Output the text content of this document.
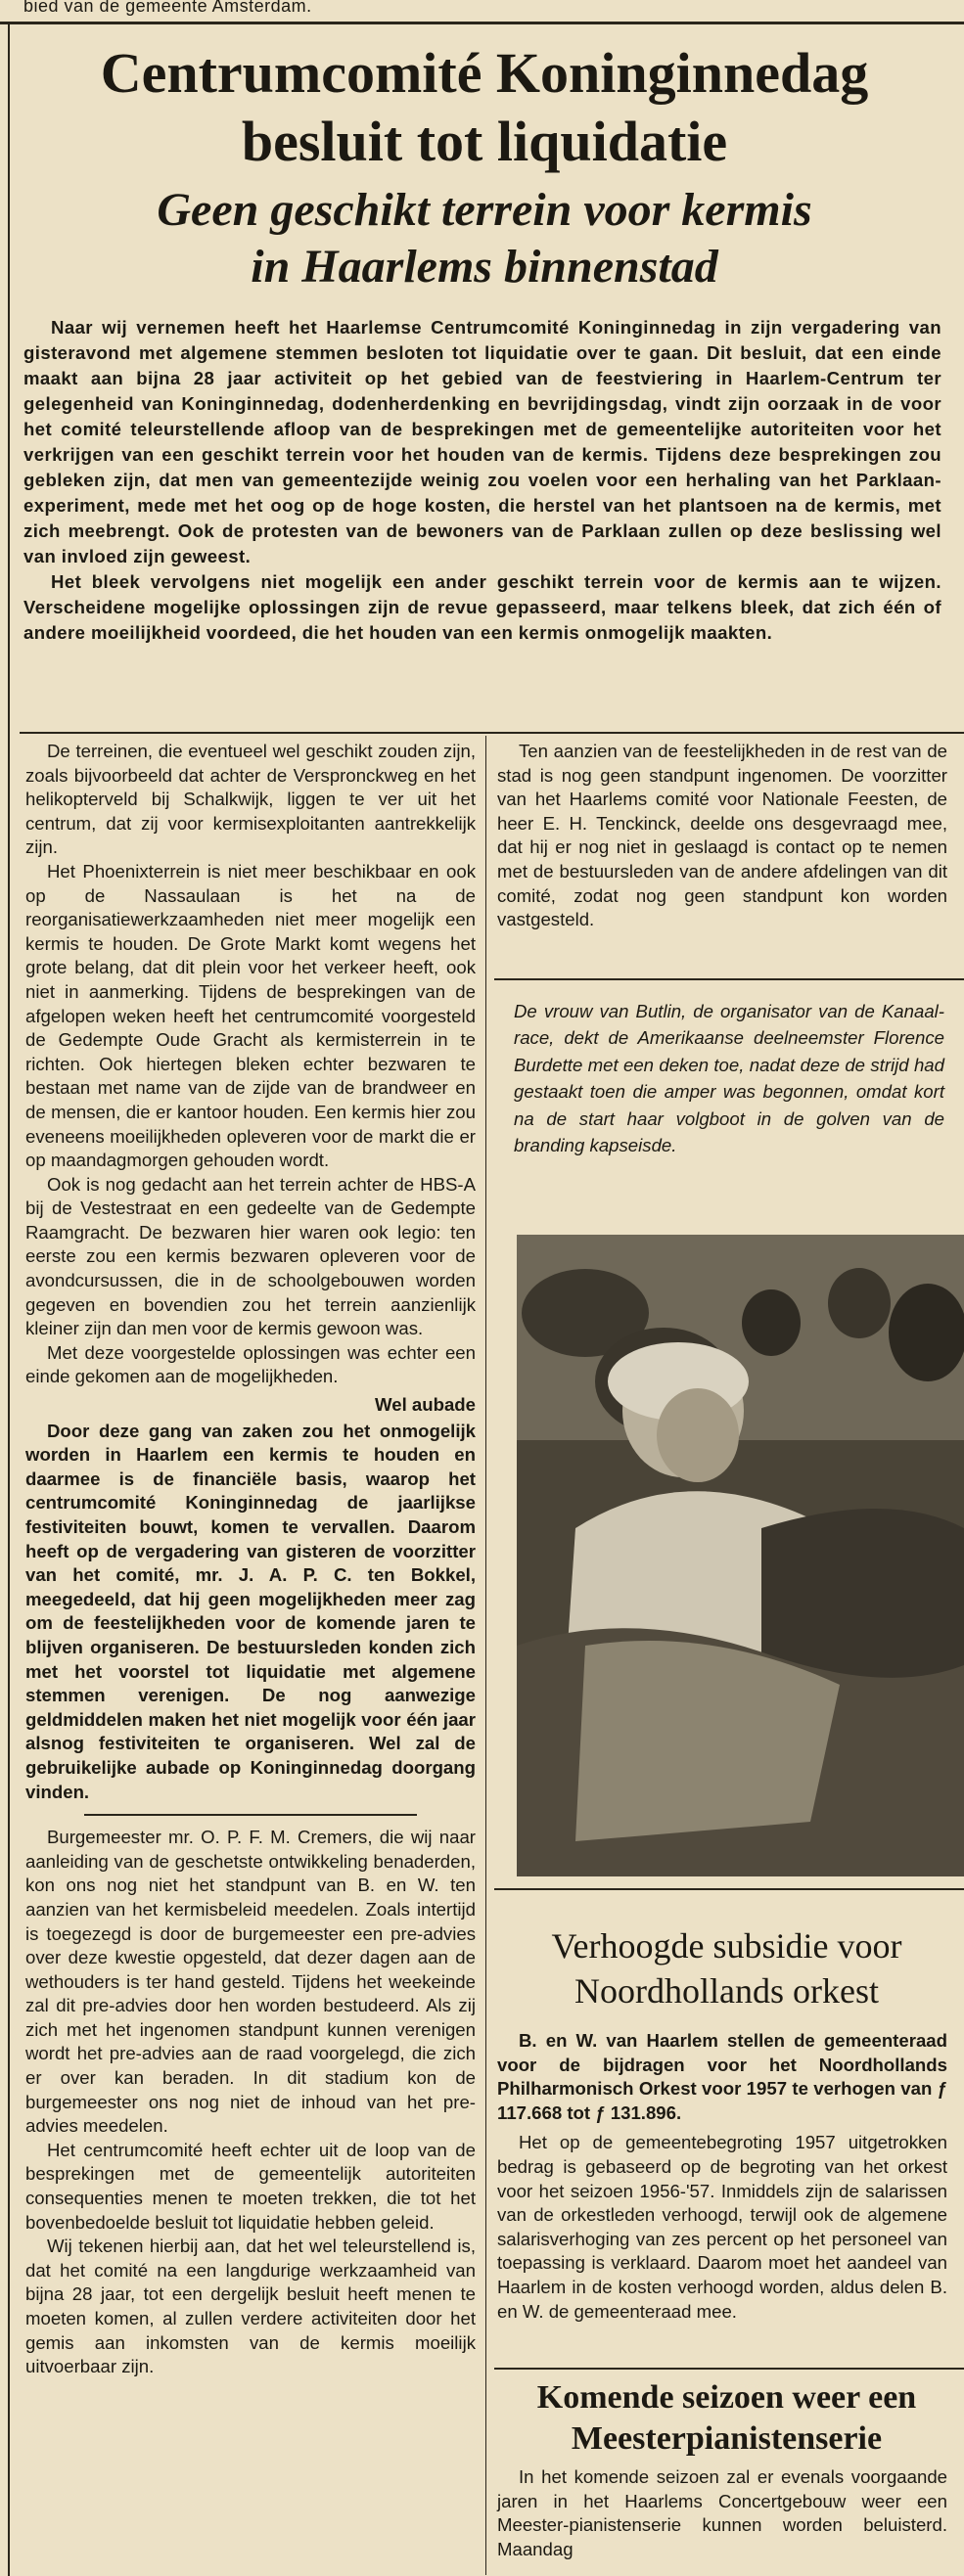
bied van de gemeente Amsterdam.
Centrumcomité Koninginnedag
besluit tot liquidatie
Geen geschikt terrein voor kermis
in Haarlems binnenstad

Naar wij vernemen heeft het Haarlemse Centrumcomité Koninginnedag in zijn vergadering van gisteravond met algemene stemmen besloten tot liquidatie over te gaan. Dit besluit, dat een einde maakt aan bijna 28 jaar activiteit op het gebied van de feestviering in Haarlem-Centrum ter gelegenheid van Koninginnedag, dodenherdenking en bevrijdingsdag, vindt zijn oorzaak in de voor het comité teleurstellende afloop van de besprekingen met de gemeentelijke autoriteiten voor het verkrijgen van een geschikt terrein voor het houden van de kermis. Tijdens deze besprekingen zou gebleken zijn, dat men van gemeentezijde weinig zou voelen voor een herhaling van het Parklaan-experiment, mede met het oog op de hoge kosten, die herstel van het plantsoen na de kermis, met zich meebrengt. Ook de protesten van de bewoners van de Parklaan zullen op deze beslissing wel van invloed zijn geweest.

Het bleek vervolgens niet mogelijk een ander geschikt terrein voor de kermis aan te wijzen. Verscheidene mogelijke oplossingen zijn de revue gepasseerd, maar telkens bleek, dat zich één of andere moeilijkheid voordeed, die het houden van een kermis onmogelijk maakten.

De terreinen, die eventueel wel geschikt zouden zijn, zoals bijvoorbeeld dat achter de Verspronckweg en het helikopterveld bij Schalkwijk, liggen te ver uit het centrum, dat zij voor kermisexploitanten aantrekkelijk zijn.

Het Phoenixterrein is niet meer beschikbaar en ook op de Nassaulaan is het na de reorganisatiewerkzaamheden niet meer mogelijk een kermis te houden. De Grote Markt komt wegens het grote belang, dat dit plein voor het verkeer heeft, ook niet in aanmerking. Tijdens de besprekingen van de afgelopen weken heeft het centrumcomité voorgesteld de Gedempte Oude Gracht als kermisterrein in te richten. Ook hiertegen bleken echter bezwaren te bestaan met name van de zijde van de brandweer en de mensen, die er kantoor houden. Een kermis hier zou eveneens moeilijkheden opleveren voor de markt die er op maandagmorgen gehouden wordt.

Ook is nog gedacht aan het terrein achter de HBS-A bij de Vestestraat en een gedeelte van de Gedempte Raamgracht. De bezwaren hier waren ook legio: ten eerste zou een kermis bezwaren opleveren voor de avondcursussen, die in de schoolgebouwen worden gegeven en bovendien zou het terrein aanzienlijk kleiner zijn dan men voor de kermis gewoon was.

Met deze voorgestelde oplossingen was echter een einde gekomen aan de mogelijkheden.

Wel aubade

Door deze gang van zaken zou het onmogelijk worden in Haarlem een kermis te houden en daarmee is de financiële basis, waarop het centrumcomité Koninginnedag de jaarlijkse festiviteiten bouwt, komen te vervallen. Daarom heeft op de vergadering van gisteren de voorzitter van het comité, mr. J. A. P. C. ten Bokkel, meegedeeld, dat hij geen mogelijkheden meer zag om de feestelijkheden voor de komende jaren te blijven organiseren. De bestuursleden konden zich met het voorstel tot liquidatie met algemene stemmen verenigen. De nog aanwezige geldmiddelen maken het niet mogelijk voor één jaar alsnog festiviteiten te organiseren. Wel zal de gebruikelijke aubade op Koninginnedag doorgang vinden.

Burgemeester mr. O. P. F. M. Cremers, die wij naar aanleiding van de geschetste ontwikkeling benaderden, kon ons nog niet het standpunt van B. en W. ten aanzien van het kermisbeleid meedelen. Zoals intertijd is toegezegd is door de burgemeester een pre-advies over deze kwestie opgesteld, dat dezer dagen aan de wethouders is ter hand gesteld. Tijdens het weekeinde zal dit pre-advies door hen worden bestudeerd. Als zij zich met het ingenomen standpunt kunnen verenigen wordt het pre-advies aan de raad voorgelegd, die zich er over kan beraden. In dit stadium kon de burgemeester ons nog niet de inhoud van het pre-advies meedelen.

Het centrumcomité heeft echter uit de loop van de besprekingen met de gemeentelijk autoriteiten consequenties menen te moeten trekken, die tot het bovenbedoelde besluit tot liquidatie hebben geleid.

Wij tekenen hierbij aan, dat het wel teleurstellend is, dat het comité na een langdurige werkzaamheid van bijna 28 jaar, tot een dergelijk besluit heeft menen te moeten komen, al zullen verdere activiteiten door het gemis aan inkomsten van de kermis moeilijk uitvoerbaar zijn.

Ten aanzien van de feestelijkheden in de rest van de stad is nog geen standpunt ingenomen. De voorzitter van het Haarlems comité voor Nationale Feesten, de heer E. H. Tenckinck, deelde ons desgevraagd mee, dat hij er nog niet in geslaagd is contact op te nemen met de bestuursleden van de andere afdelingen van dit comité, zodat nog geen standpunt kon worden vastgesteld.

De vrouw van Butlin, de organisator van de Kanaal-race, dekt de Amerikaanse deelneemster Florence Burdette met een deken toe, nadat deze de strijd had gestaakt toen die amper was begonnen, omdat kort na de start haar volgboot in de golven van de branding kapseisde.

Verhoogde subsidie voor
Noordhollands orkest

B. en W. van Haarlem stellen de gemeenteraad voor de bijdragen voor het Noordhollands Philharmonisch Orkest voor 1957 te verhogen van ƒ 117.668 tot ƒ 131.896.

Het op de gemeentebegroting 1957 uitgetrokken bedrag is gebaseerd op de begroting van het orkest voor het seizoen 1956-'57. Inmiddels zijn de salarissen van de orkestleden verhoogd, terwijl ook de algemene salarisverhoging van zes percent op het personeel van toepassing is verklaard. Daarom moet het aandeel van Haarlem in de kosten verhoogd worden, aldus delen B. en W. de gemeenteraad mee.

Komende seizoen weer een
Meesterpianistenserie

In het komende seizoen zal er evenals voorgaande jaren in het Haarlems Concertgebouw weer een Meester-pianistenserie kunnen worden beluisterd. Maandag
